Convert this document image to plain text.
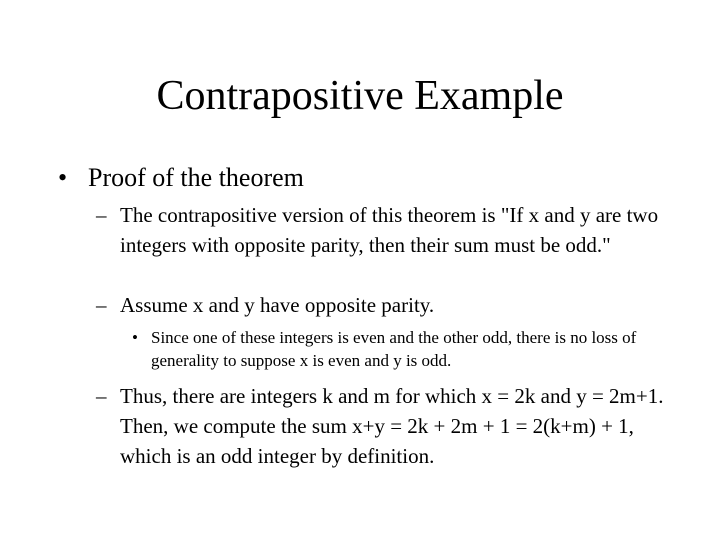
Contrapositive Example
• Proof of the theorem
– The contrapositive version of this theorem is "If x and y are two integers with opposite parity, then their sum must be odd."
– Assume x and y have opposite parity.
• Since one of these integers is even and the other odd, there is no loss of generality to suppose x is even and y is odd.
– Thus, there are integers k and m for which x = 2k and y = 2m+1. Then, we compute the sum x+y = 2k + 2m + 1 = 2(k+m) + 1, which is an odd integer by definition.
